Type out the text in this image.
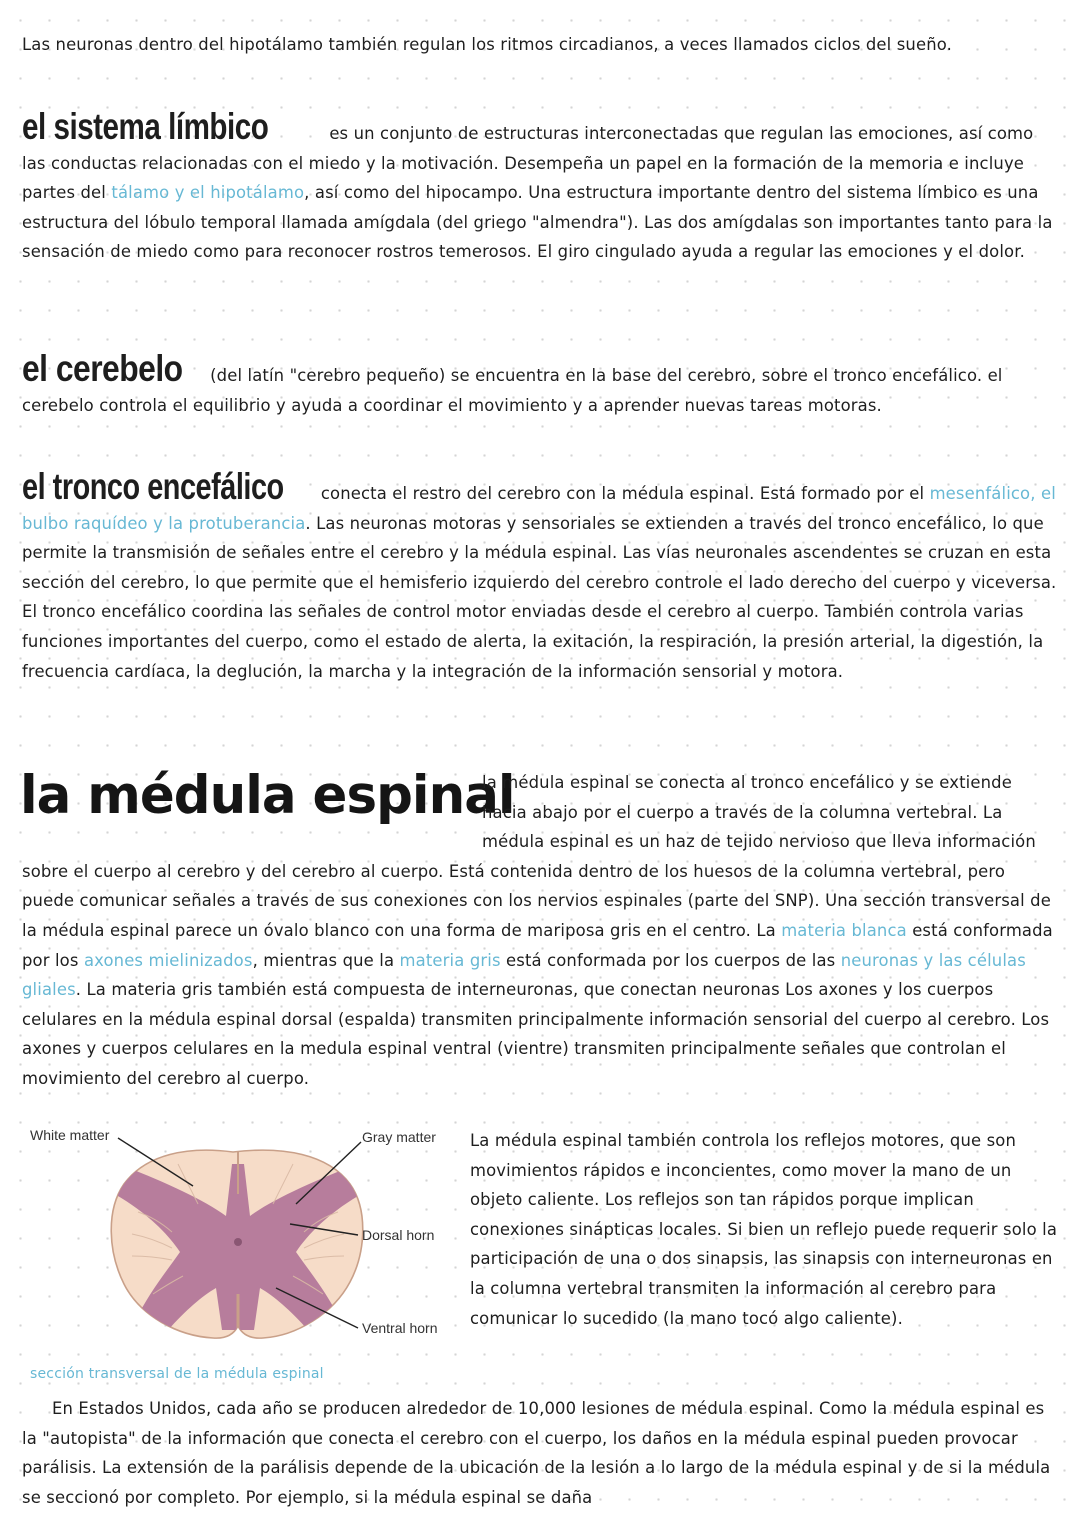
Las neuronas dentro del hipotálamo también regulan los ritmos circadianos, a veces llamados ciclos del sueño.

el sistema límbico	es un conjunto de estructuras interconectadas que regulan las emociones, así como las conductas relacionadas con el miedo y la motivación. Desempeña un papel en la formación de la memoria e incluye partes del tálamo y el hipotálamo, así como del hipocampo. Una estructura importante dentro del sistema límbico es una estructura del lóbulo temporal llamada amígdala (del griego "almendra"). Las dos amígdalas son importantes tanto para la sensación de miedo como para reconocer rostros temerosos. El giro cingulado ayuda a regular las emociones y el dolor.

el cerebelo (del latín "cerebro pequeño) se encuentra en la base del cerebro, sobre el tronco encefálico. el cerebelo controla el equilibrio y ayuda a coordinar el movimiento y a aprender nuevas tareas motoras.

el tronco encefálico conecta el restro del cerebro con la médula espinal. Está formado por el mesenfálico, el bulbo raquídeo y la protuberancia. Las neuronas motoras y sensoriales se extienden a través del tronco encefálico, lo que permite la transmisión de señales entre el cerebro y la médula espinal. Las vías neuronales ascendentes se cruzan en esta sección del cerebro, lo que permite que el hemisferio izquierdo del cerebro controle el lado derecho del cuerpo y viceversa. El tronco encefálico coordina las señales de control motor enviadas desde el cerebro al cuerpo. También controla varias funciones importantes del cuerpo, como el estado de alerta, la exitación, la respiración, la presión arterial, la digestión, la frecuencia cardíaca, la deglución, la marcha y la integración de la información sensorial y motora.

la médula espinal

la médula espinal se conecta al tronco encefálico y se extiende hacia abajo por el cuerpo a través de la columna vertebral. La médula espinal es un haz de tejido nervioso que lleva información sobre el cuerpo al cerebro y del cerebro al cuerpo. Está contenida dentro de los huesos de la columna vertebral, pero puede comunicar señales a través de sus conexiones con los nervios espinales (parte del SNP). Una sección transversal de la médula espinal parece un óvalo blanco con una forma de mariposa gris en el centro. La materia blanca está conformada por los axones mielinizados, mientras que la materia gris está conformada por los cuerpos de las neuronas y las células gliales. La materia gris también está compuesta de interneuronas, que conectan neuronas Los axones y los cuerpos celulares en la médula espinal dorsal (espalda) transmiten principalmente información sensorial del cuerpo al cerebro. Los axones y cuerpos celulares en la medula espinal ventral (vientre) transmiten principalmente señales que controlan el movimiento del cerebro al cuerpo.

White matter	Gray matter
Dorsal horn
Ventral horn

La médula espinal también controla los reflejos motores, que son movimientos rápidos e inconcientes, como mover la mano de un objeto caliente. Los reflejos son tan rápidos porque implican conexiones sinápticas locales. Si bien un reflejo puede requerir solo la participación de una o dos sinapsis, las sinapsis con interneuronas en la columna vertebral transmiten la información al cerebro para comunicar lo sucedido (la mano tocó algo caliente).

sección transversal de la médula espinal

En Estados Unidos, cada año se producen alrededor de 10,000 lesiones de médula espinal. Como la médula espinal es la "autopista" de la información que conecta el cerebro con el cuerpo, los daños en la médula espinal pueden provocar parálisis. La extensión de la parálisis depende de la ubicación de la lesión a lo largo de la médula espinal y de si la médula se seccionó por completo. Por ejemplo, si la médula espinal se daña
